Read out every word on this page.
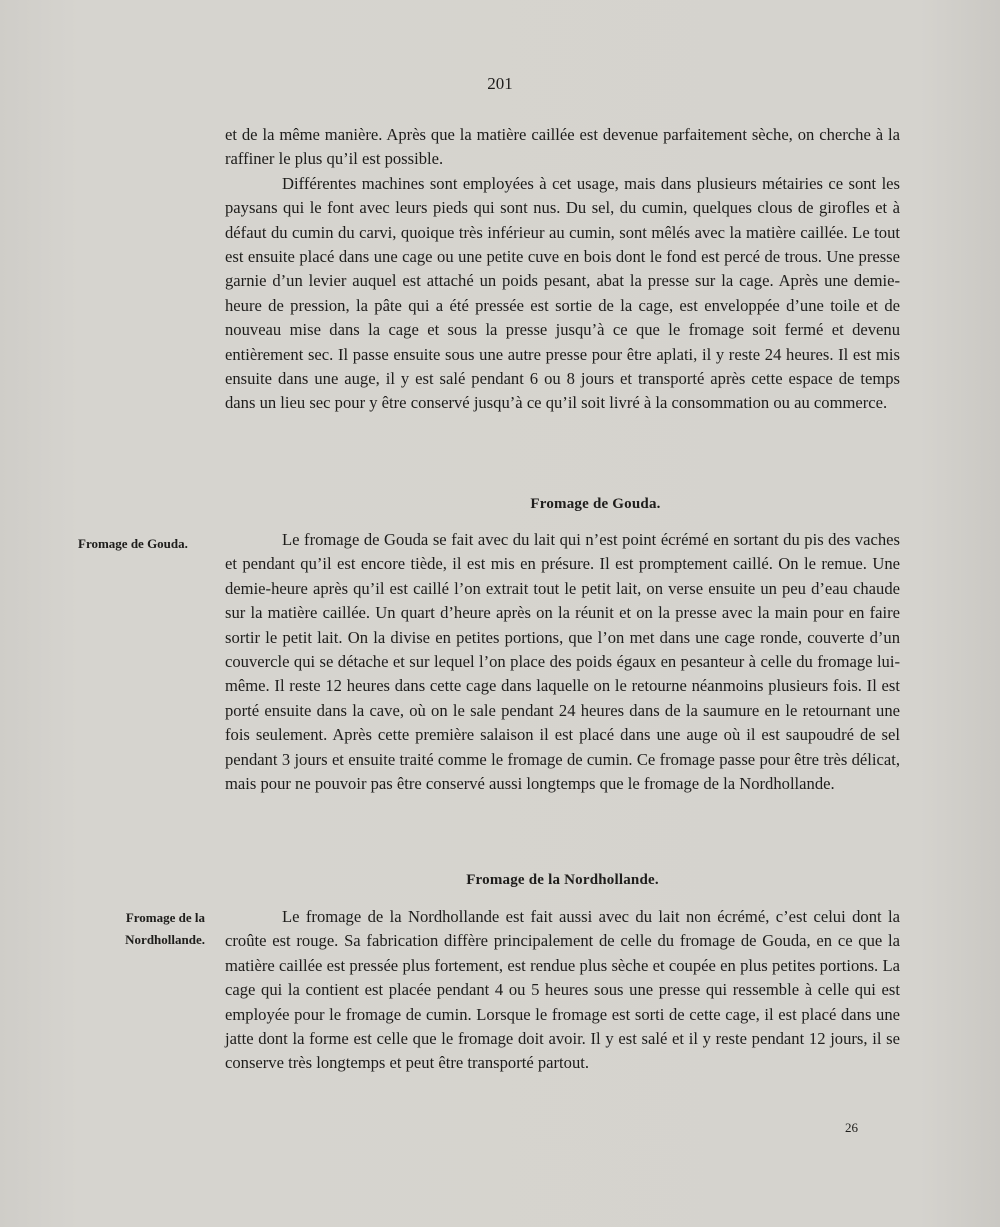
201

et de la même manière. Après que la matière caillée est devenue parfaitement sèche, on cherche à la raffiner le plus qu’il est possible.

Différentes machines sont employées à cet usage, mais dans plusieurs métairies ce sont les paysans qui le font avec leurs pieds qui sont nus. Du sel, du cumin, quelques clous de girofles et à défaut du cumin du carvi, quoique très inférieur au cumin, sont mêlés avec la matière caillée. Le tout est ensuite placé dans une cage ou une petite cuve en bois dont le fond est percé de trous. Une presse garnie d’un levier auquel est attaché un poids pesant, abat la presse sur la cage. Après une demie-heure de pression, la pâte qui a été pressée est sortie de la cage, est enveloppée d’une toile et de nouveau mise dans la cage et sous la presse jusqu’à ce que le fromage soit fermé et devenu entièrement sec. Il passe ensuite sous une autre presse pour être aplati, il y reste 24 heures. Il est mis ensuite dans une auge, il y est salé pendant 6 ou 8 jours et transporté après cette espace de temps dans un lieu sec pour y être conservé jusqu’à ce qu’il soit livré à la consommation ou au commerce.

Fromage de Gouda.
Fromage de Gouda.	Le fromage de Gouda se fait avec du lait qui n’est point écrémé en sortant du pis des vaches et pendant qu’il est encore tiède, il est mis en présure. Il est promptement caillé. On le remue. Une demie-heure après qu’il est caillé l’on extrait tout le petit lait, on verse ensuite un peu d’eau chaude sur la matière caillée. Un quart d’heure après on la réunit et on la presse avec la main pour en faire sortir le petit lait. On la divise en petites portions, que l’on met dans une cage ronde, couverte d’un couvercle qui se détache et sur lequel l’on place des poids égaux en pesanteur à celle du fromage lui-même. Il reste 12 heures dans cette cage dans laquelle on le retourne néanmoins plusieurs fois. Il est porté ensuite dans la cave, où on le sale pendant 24 heures dans de la saumure en le retournant une fois seulement. Après cette première salaison il est placé dans une auge où il est saupoudré de sel pendant 3 jours et ensuite traité comme le fromage de cumin. Ce fromage passe pour être très délicat, mais pour ne pouvoir pas être conservé aussi longtemps que le fromage de la Nordhollande.

Fromage de la Nordhollande.
Fromage de la
Nordhollande.

Le fromage de la Nordhollande est fait aussi avec du lait non écrémé, c’est celui dont la croûte est rouge. Sa fabrication diffère principalement de celle du fromage de Gouda, en ce que la matière caillée est pressée plus fortement, est rendue plus sèche et coupée en plus petites portions. La cage qui la contient est placée pendant 4 ou 5 heures sous une presse qui ressemble à celle qui est employée pour le fromage de cumin. Lorsque le fromage est sorti de cette cage, il est placé dans une jatte dont la forme est celle que le fromage doit avoir. Il y est salé et il y reste pendant 12 jours, il se conserve très longtemps et peut être transporté partout.

26
